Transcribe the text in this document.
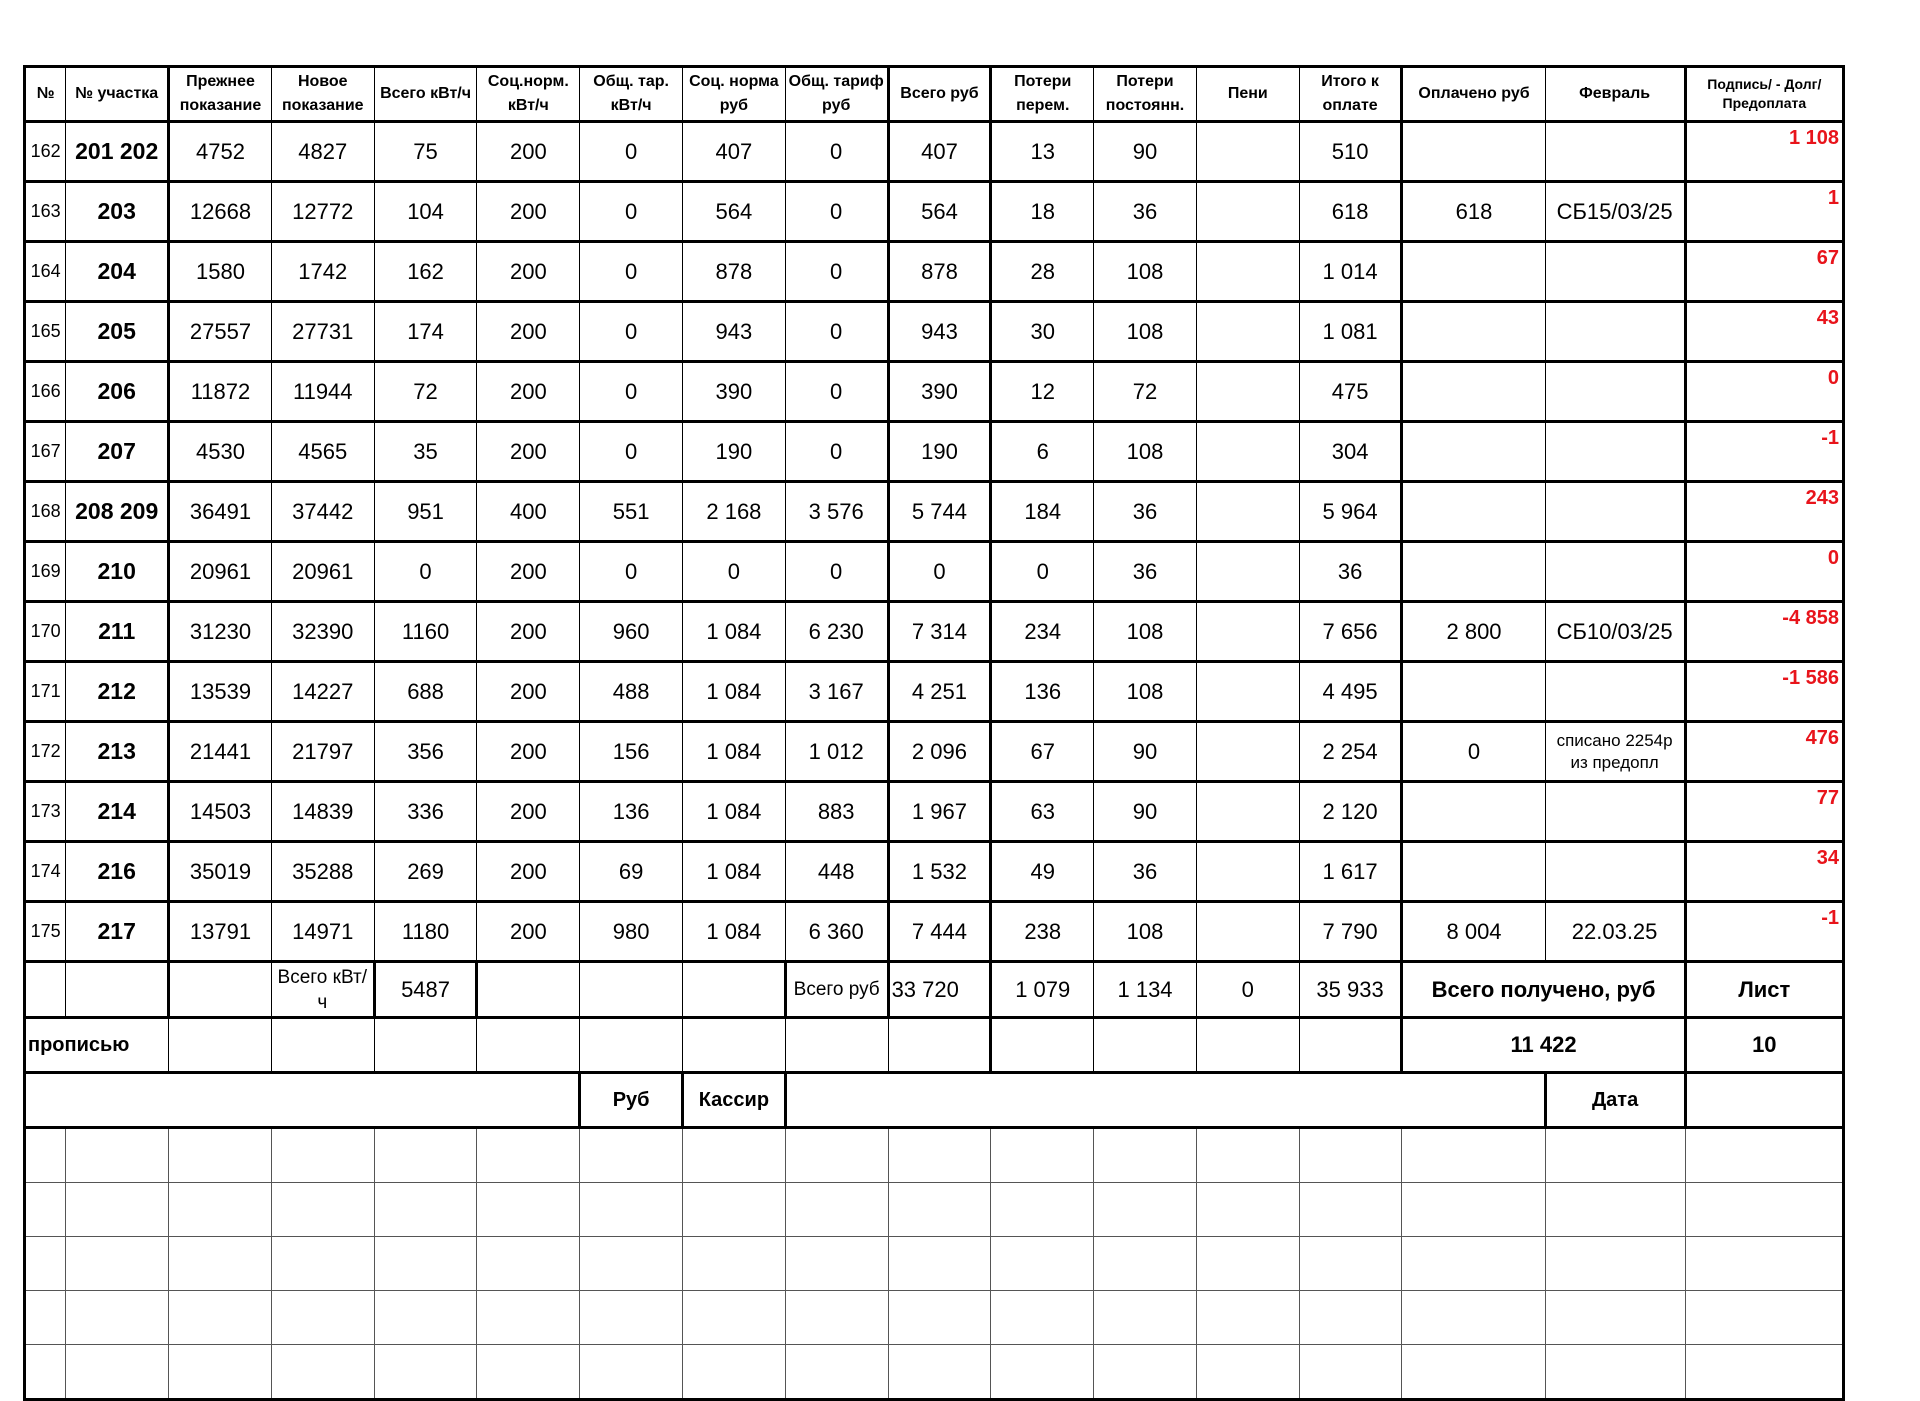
№	№ участка	Прежнее показание	Новое показание	Всего кВт/ч	Соц.норм. кВт/ч	Общ. тар. кВт/ч	Соц. норма руб	Общ. тариф руб	Всего руб	Потери перем.	Потери постоянн.	Пени	Итого к оплате	Оплачено руб	Февраль	Подпись/ - Долг/Предоплата
162	201 202	4752	4827	75	200	0	407	0	407	13	90		510			1 108
163	203	12668	12772	104	200	0	564	0	564	18	36		618	618	СБ15/03/25	1
164	204	1580	1742	162	200	0	878	0	878	28	108		1 014			67
165	205	27557	27731	174	200	0	943	0	943	30	108		1 081			43
166	206	11872	11944	72	200	0	390	0	390	12	72		475			0
167	207	4530	4565	35	200	0	190	0	190	6	108		304			-1
168	208 209	36491	37442	951	400	551	2 168	3 576	5 744	184	36		5 964			243
169	210	20961	20961	0	200	0	0	0	0	0	36		36			0
170	211	31230	32390	1160	200	960	1 084	6 230	7 314	234	108		7 656	2 800	СБ10/03/25	-4 858
171	212	13539	14227	688	200	488	1 084	3 167	4 251	136	108		4 495			-1 586
172	213	21441	21797	356	200	156	1 084	1 012	2 096	67	90		2 254	0	списано 2254р из предопл	476
173	214	14503	14839	336	200	136	1 084	883	1 967	63	90		2 120			77
174	216	35019	35288	269	200	69	1 084	448	1 532	49	36		1 617			34
175	217	13791	14971	1180	200	980	1 084	6 360	7 444	238	108		7 790	8 004	22.03.25	-1
			Всего кВт/ч	5487				Всего руб	33 720	1 079	1 134	0	35 933	Всего получено, руб		Лист
прописью														11 422		10
						Руб	Кассир								Дата	
